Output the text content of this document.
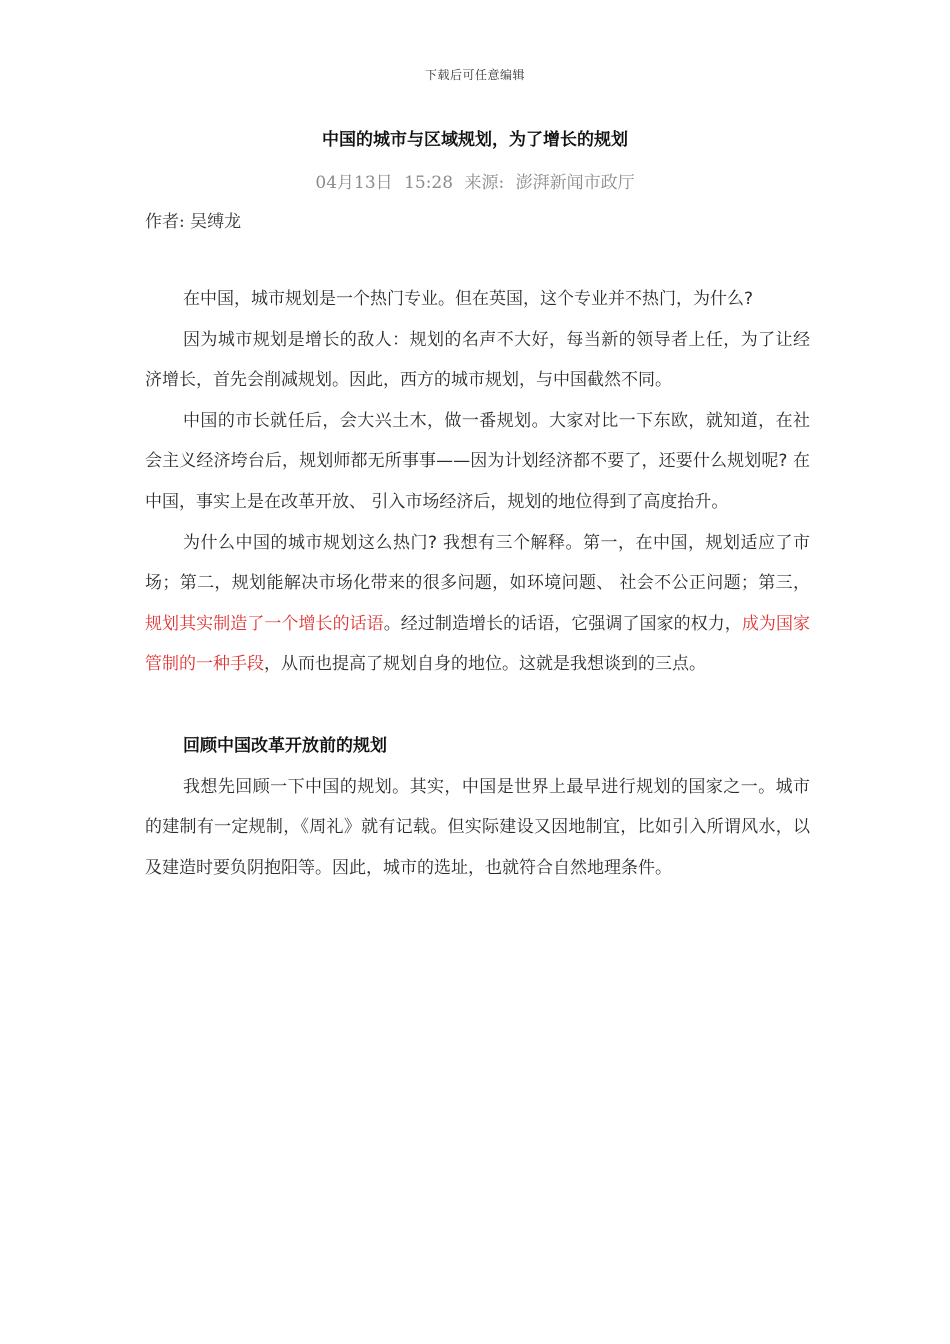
下载后可任意编辑
中国的城市与区域规划，为了增长的规划
04月13日 15:28 来源: 澎湃新闻市政厅
作者: 吴缚龙

在中国，城市规划是一个热门专业。但在英国，这个专业并不热门，为什么?

因为城市规划是增长的敌人：规划的名声不大好，每当新的领导者上任，为了让经济增长，首先会削减规划。因此，西方的城市规划，与中国截然不同。

中国的市长就任后，会大兴土木，做一番规划。大家对比一下东欧，就知道，在社会主义经济垮台后，规划师都无所事事——因为计划经济都不要了，还要什么规划呢? 在中国，事实上是在改革开放、 引入市场经济后，规划的地位得到了高度抬升。

为什么中国的城市规划这么热门? 我想有三个解释。第一，在中国，规划适应了市场；第二，规划能解决市场化带来的很多问题，如环境问题、 社会不公正问题；第三，规划其实制造了一个增长的话语。经过制造增长的话语，它强调了国家的权力，成为国家管制的一种手段，从而也提高了规划自身的地位。这就是我想谈到的三点。

回顾中国改革开放前的规划

我想先回顾一下中国的规划。其实，中国是世界上最早进行规划的国家之一。城市的建制有一定规制，《周礼》就有记载。但实际建设又因地制宜，比如引入所谓风水，以及建造时要负阴抱阳等。因此，城市的选址，也就符合自然地理条件。
